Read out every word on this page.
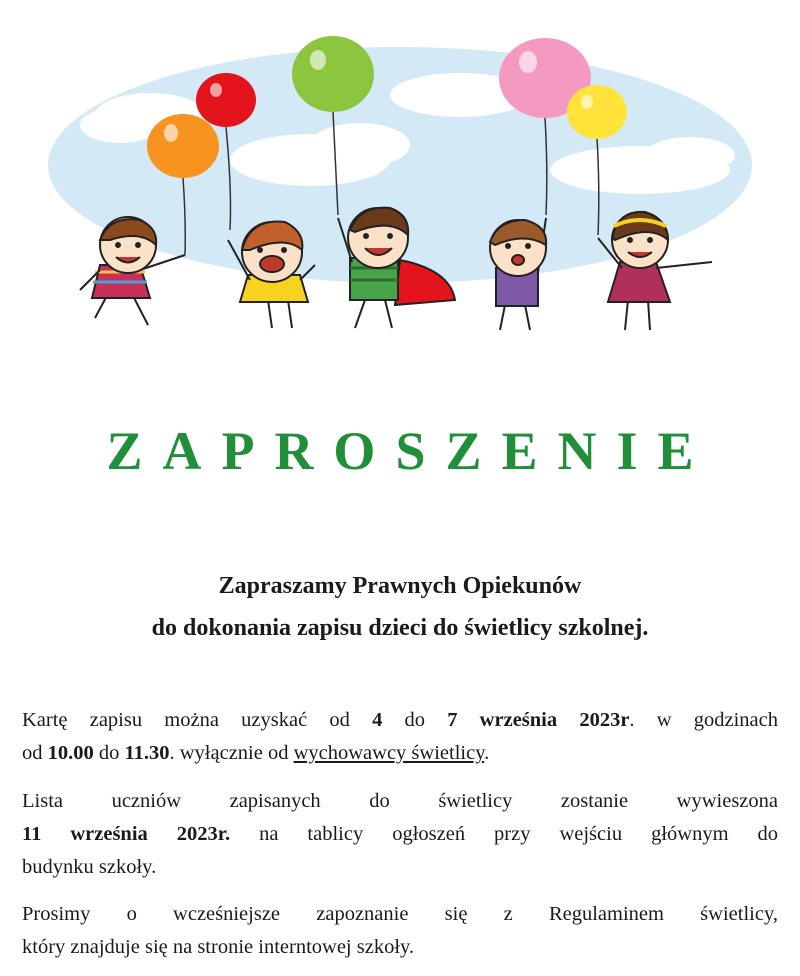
ZAPROSZENIE
Zapraszamy Prawnych Opiekunów
do dokonania zapisu dzieci do świetlicy szkolnej.
Kartę zapisu można uzyskać od 4 do 7 września 2023r. w godzinach
od 10.00 do 11.30. wyłącznie od wychowawcy świetlicy.
Lista uczniów zapisanych do świetlicy zostanie wywieszona
11 września 2023r. na tablicy ogłoszeń przy wejściu głównym do
budynku szkoły.
Prosimy o wcześniejsze zapoznanie się z Regulaminem świetlicy,
który znajduje się na stronie interntowej szkoły.
